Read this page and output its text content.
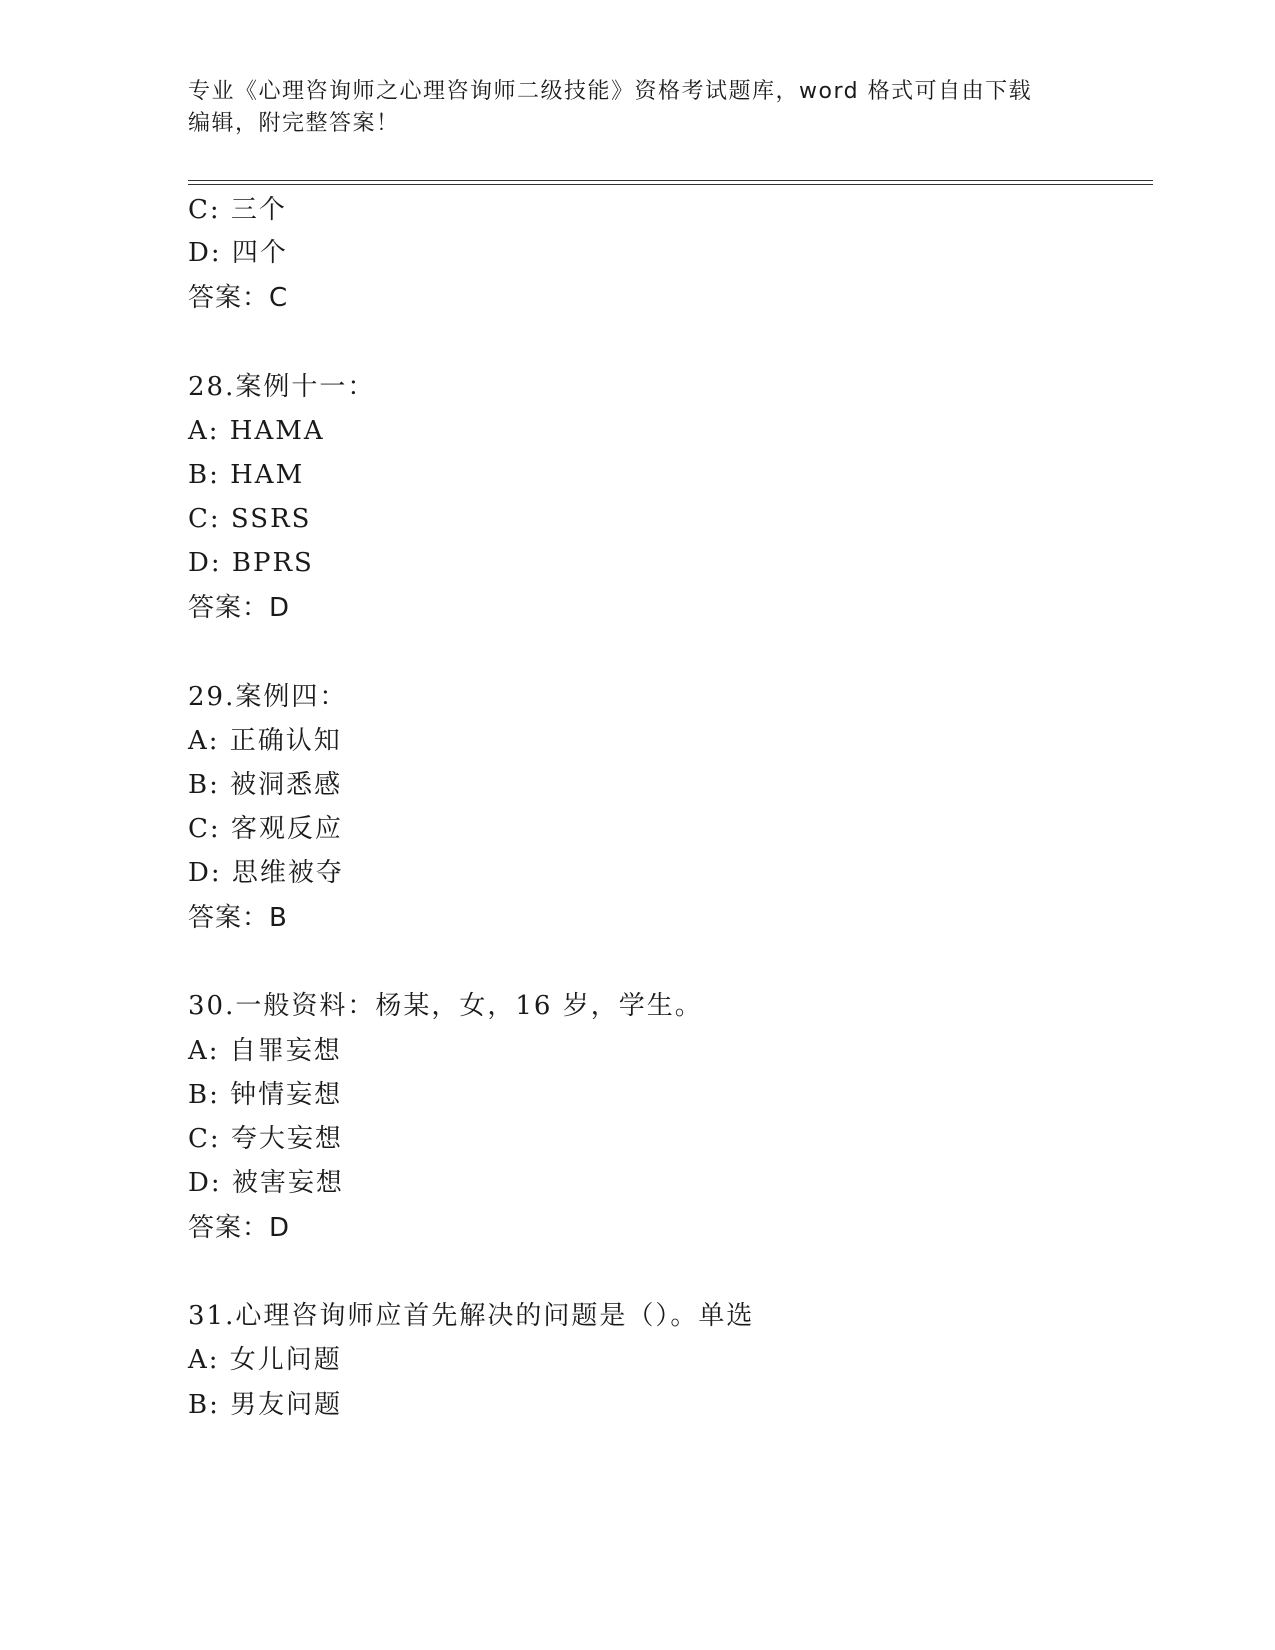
专业《心理咨询师之心理咨询师二级技能》资格考试题库，word 格式可自由下载
编辑，附完整答案！
C: 三个
D: 四个
答案：C
28.案例十一：
A: HAMA
B: HAM
C: SSRS
D: BPRS
答案：D
29.案例四：
A: 正确认知
B: 被洞悉感
C: 客观反应
D: 思维被夺
答案：B
30.一般资料：杨某，女，16 岁，学生。
A: 自罪妄想
B: 钟情妄想
C: 夸大妄想
D: 被害妄想
答案：D
31.心理咨询师应首先解决的问题是（）。单选
A: 女儿问题
B: 男友问题
